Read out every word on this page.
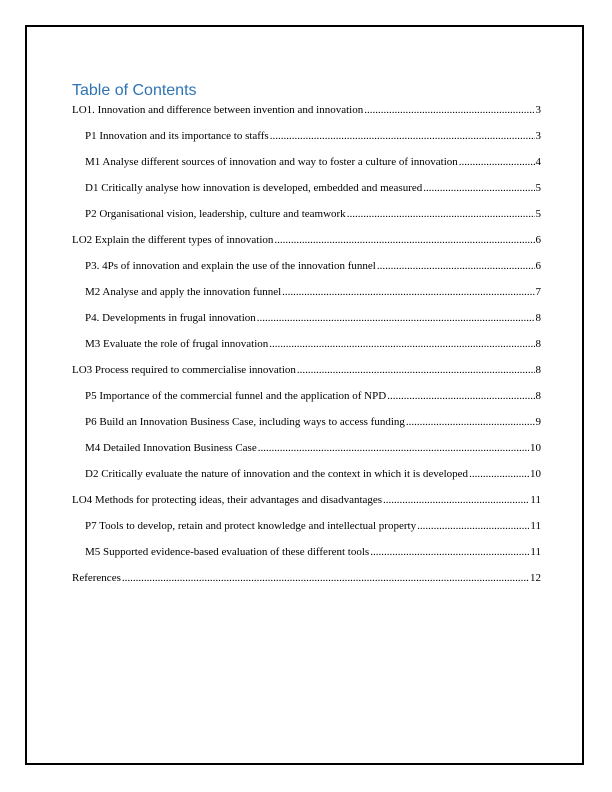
Table of Contents
LO1. Innovation and difference between invention and innovation .....	3
P1 Innovation and its importance to staffs .....	3
M1 Analyse different sources of innovation and way to foster a culture of innovation .....	4
D1 Critically analyse how innovation is developed, embedded and measured .....	5
P2 Organisational vision, leadership, culture and teamwork .....	5
LO2 Explain the different types of innovation .....	6
P3. 4Ps of innovation and explain the use of the innovation funnel .....	6
M2 Analyse and apply the innovation funnel .....	7
P4. Developments in frugal innovation .....	8
M3 Evaluate the role of frugal innovation .....	8
LO3 Process required to commercialise innovation .....	8
P5 Importance of the commercial funnel and the application of NPD .....	8
P6 Build an Innovation Business Case, including ways to access funding .....	9
M4 Detailed Innovation Business Case .....	10
D2 Critically evaluate the nature of innovation and the context in which it is developed .....	10
LO4 Methods for protecting ideas, their advantages and disadvantages .....	11
P7 Tools to develop, retain and protect knowledge and intellectual property .....	11
M5 Supported evidence-based evaluation of these different tools .....	11
References .....	12
